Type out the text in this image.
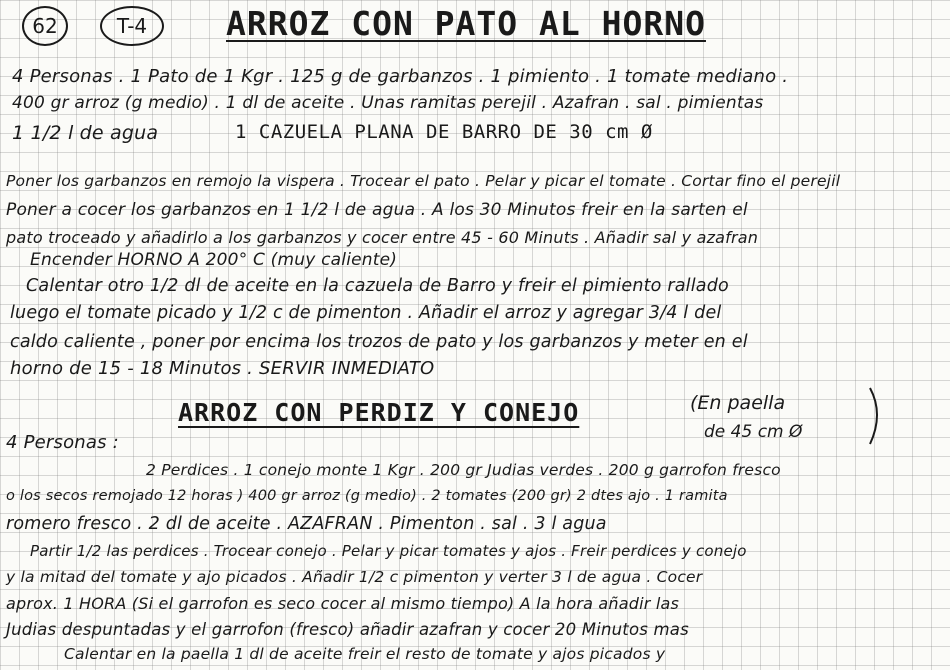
62	T-4 ARROZ CON PATO AL HORNO
4 Personas . 1 Pato de 1 Kgr . 125 g de garbanzos . 1 pimiento . 1 tomate mediano .
400 gr arroz (g medio) . 1 dl de aceite . Unas ramitas perejil . Azafran . sal . pimientas
1 1/2 l de agua	1 CAZUELA PLANA DE BARRO DE 30 cm Ø
Poner los garbanzos en remojo la vispera . Trocear el pato . Pelar y picar el tomate . Cortar fino el perejil
Poner a cocer los garbanzos en 1 1/2 l de agua . A los 30 Minutos freir en la sarten el
pato troceado y añadirlo a los garbanzos y cocer entre 45 - 60 Minuts . Añadir sal y azafran
Encender HORNO A 200° C (muy caliente)
Calentar otro 1/2 dl de aceite en la cazuela de Barro y freir el pimiento rallado
luego el tomate picado y 1/2 c de pimenton . Añadir el arroz y agregar 3/4 l del
caldo caliente , poner por encima los trozos de pato y los garbanzos y meter en el
horno de 15 - 18 Minutos . SERVIR INMEDIATO
ARROZ CON PERDIZ Y CONEJO	(En paella
de 45 cm Ø
4 Personas :
2 Perdices . 1 conejo monte 1 Kgr . 200 gr Judias verdes . 200 g garrofon fresco
o los secos remojado 12 horas ) 400 gr arroz (g medio) . 2 tomates (200 gr) 2 dtes ajo . 1 ramita
romero fresco . 2 dl de aceite . AZAFRAN . Pimenton . sal . 3 l agua
Partir 1/2 las perdices . Trocear conejo . Pelar y picar tomates y ajos . Freir perdices y conejo
y la mitad del tomate y ajo picados . Añadir 1/2 c pimenton y verter 3 l de agua . Cocer
aprox. 1 HORA (Si el garrofon es seco cocer al mismo tiempo) A la hora añadir las
Judias despuntadas y el garrofon (fresco) añadir azafran y cocer 20 Minutos mas
Calentar en la paella 1 dl de aceite freir el resto de tomate y ajos picados y
